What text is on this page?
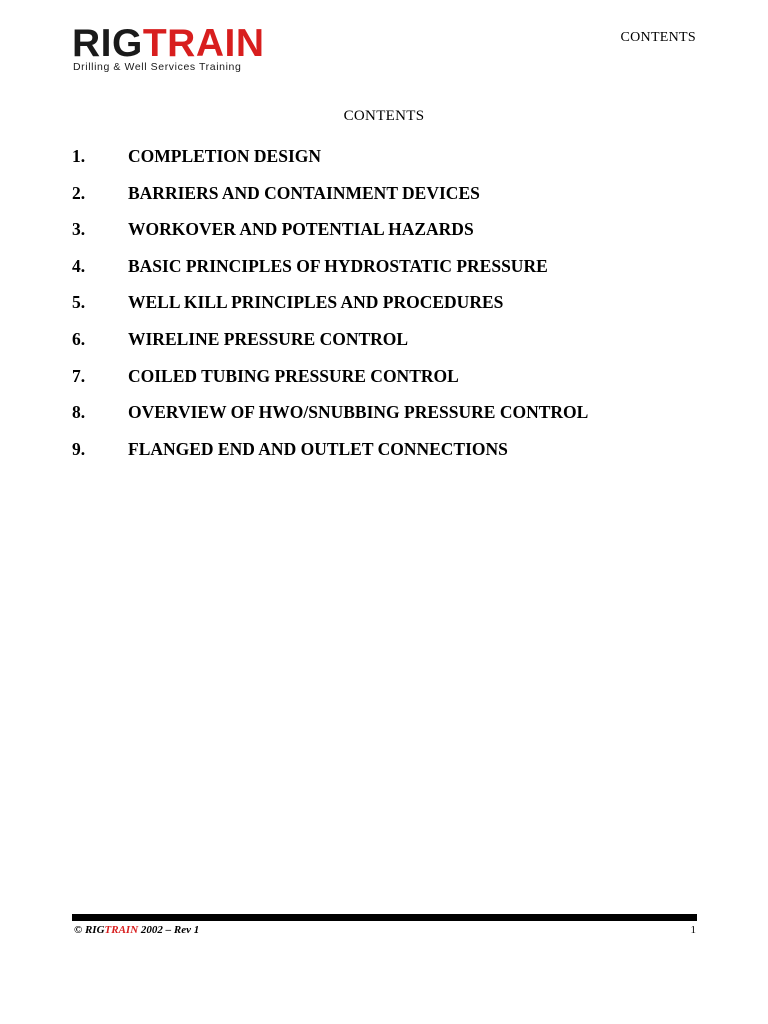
RIGTRAIN
Drilling & Well Services Training
CONTENTS
CONTENTS
1.	COMPLETION DESIGN
2.	BARRIERS AND CONTAINMENT DEVICES
3.	WORKOVER AND POTENTIAL HAZARDS
4.	BASIC PRINCIPLES OF HYDROSTATIC PRESSURE
5.	WELL KILL PRINCIPLES AND PROCEDURES
6.	WIRELINE PRESSURE CONTROL
7.	COILED TUBING PRESSURE CONTROL
8.	OVERVIEW OF HWO/SNUBBING PRESSURE CONTROL
9.	FLANGED END AND OUTLET CONNECTIONS
© RIGTRAIN 2002 – Rev 1	1
